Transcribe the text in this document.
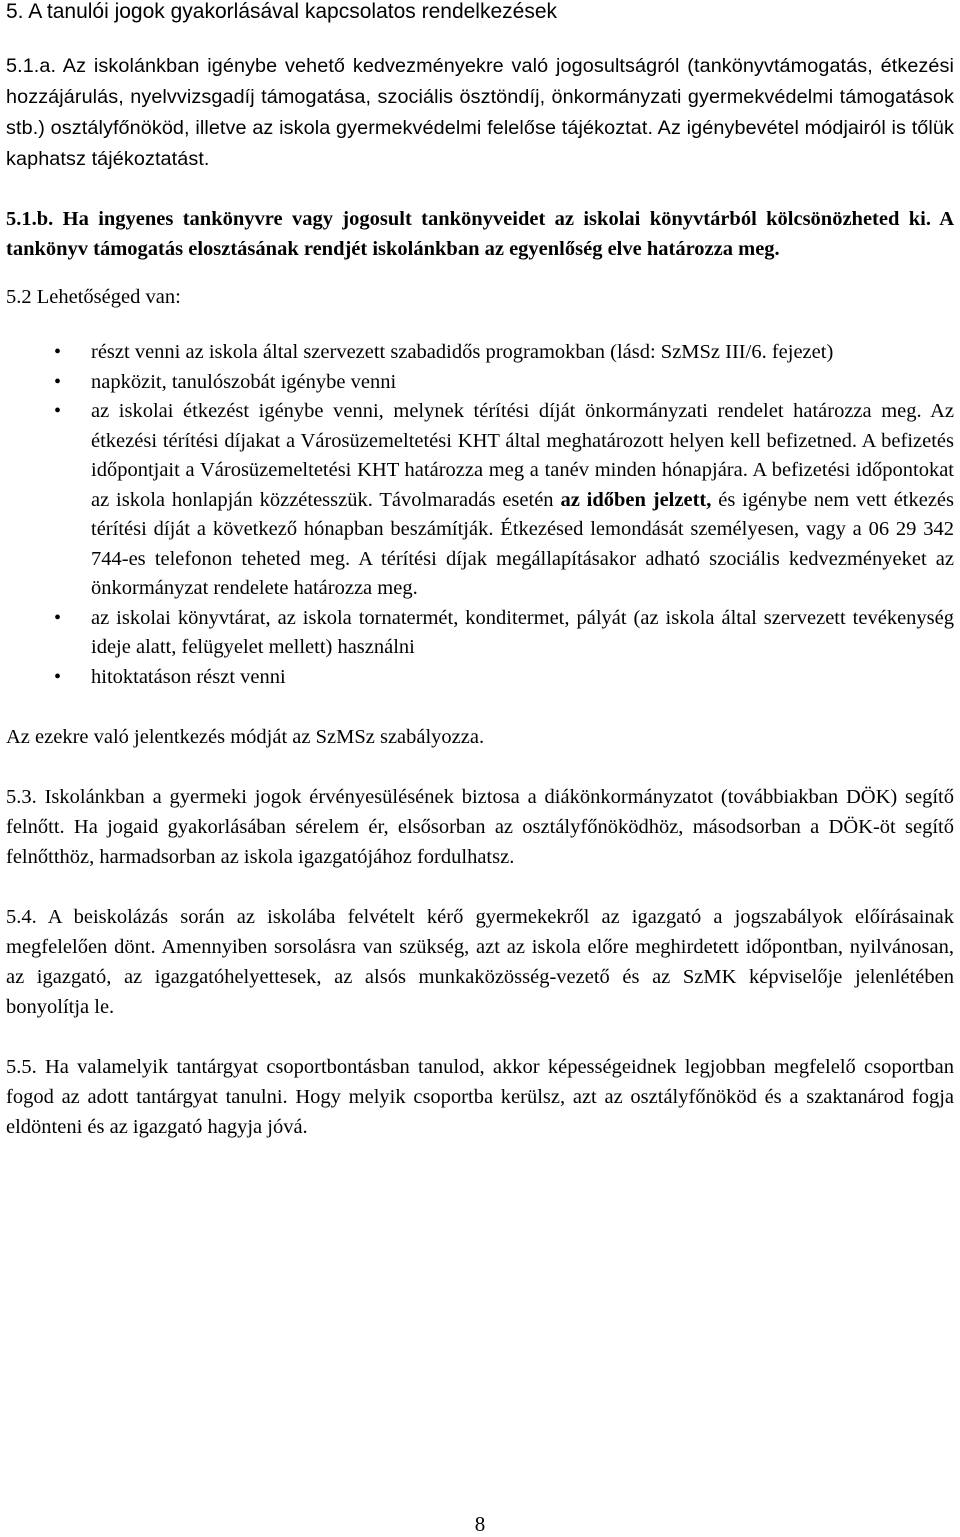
5. A tanulói jogok gyakorlásával kapcsolatos rendelkezések

5.1.a. Az iskolánkban igénybe vehető kedvezményekre való jogosultságról (tankönyvtámogatás, étkezési hozzájárulás, nyelvvizsgadíj támogatása, szociális ösztöndíj, önkormányzati gyermekvédelmi támogatások stb.) osztályfőnököd, illetve az iskola gyermekvédelmi felelőse tájékoztat. Az igénybevétel módjairól is tőlük kaphatsz tájékoztatást.

5.1.b. Ha ingyenes tankönyvre vagy jogosult tankönyveidet az iskolai könyvtárból kölcsönözheted ki. A tankönyv támogatás elosztásának rendjét iskolánkban az egyenlőség elve határozza meg.

5.2 Lehetőséged van:

• részt venni az iskola által szervezett szabadidős programokban (lásd: SzMSz III/6. fejezet)
• napközit, tanulószobát igénybe venni
• az iskolai étkezést igénybe venni, melynek térítési díját önkormányzati rendelet határozza meg. Az étkezési térítési díjakat a Városüzemeltetési KHT által meghatározott helyen kell befizetned. A befizetés időpontjait a Városüzemeltetési KHT határozza meg a tanév minden hónapjára. A befizetési időpontokat az iskola honlapján közzétesszük. Távolmaradás esetén az időben jelzett, és igénybe nem vett étkezés térítési díját a következő hónapban beszámítják. Étkezésed lemondását személyesen, vagy a 06 29 342 744-es telefonon teheted meg. A térítési díjak megállapításakor adható szociális kedvezményeket az önkormányzat rendelete határozza meg.
• az iskolai könyvtárat, az iskola tornatermét, konditermet, pályát (az iskola által szervezett tevékenység ideje alatt, felügyelet mellett) használni
• hitoktatáson részt venni

Az ezekre való jelentkezés módját az SzMSz szabályozza.

5.3. Iskolánkban a gyermeki jogok érvényesülésének biztosa a diákönkormányzatot (továbbiakban DÖK) segítő felnőtt. Ha jogaid gyakorlásában sérelem ér, elsősorban az osztályfőnöködhöz, másodsorban a DÖK-öt segítő felnőtthöz, harmadsorban az iskola igazgatójához fordulhatsz.

5.4. A beiskolázás során az iskolába felvételt kérő gyermekekről az igazgató a jogszabályok előírásainak megfelelően dönt. Amennyiben sorsolásra van szükség, azt az iskola előre meghirdetett időpontban, nyilvánosan, az igazgató, az igazgatóhelyettesek, az alsós munkaközösség-vezető és az SzMK képviselője jelenlétében bonyolítja le.

5.5. Ha valamelyik tantárgyat csoportbontásban tanulod, akkor képességeidnek legjobban megfelelő csoportban fogod az adott tantárgyat tanulni. Hogy melyik csoportba kerülsz, azt az osztályfőnököd és a szaktanárod fogja eldönteni és az igazgató hagyja jóvá.

8
